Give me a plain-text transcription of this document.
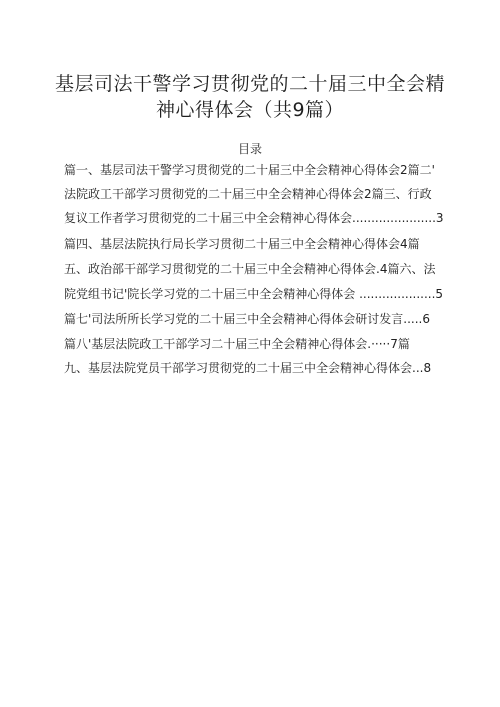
基层司法干警学习贯彻党的二十届三中全会精
神心得体会（共9篇）
目录
篇一、基层司法干警学习贯彻党的二十届三中全会精神心得体会2篇二'
法院政工干部学习贯彻党的二十届三中全会精神心得体会2篇三、行政
复议工作者学习贯彻党的二十届三中全会精神心得体会......................3
篇四、基层法院执行局长学习贯彻二十届三中全会精神心得体会4篇
五、政治部干部学习贯彻党的二十届三中全会精神心得体会.4篇六、法
院党组书记'院长学习党的二十届三中全会精神心得体会 ....................5
篇七'司法所所长学习党的二十届三中全会精神心得体会研讨发言.....6
篇八'基层法院政工干部学习二十届三中全会精神心得体会.·····7篇
九、基层法院党员干部学习贯彻党的二十届三中全会精神心得体会...8
